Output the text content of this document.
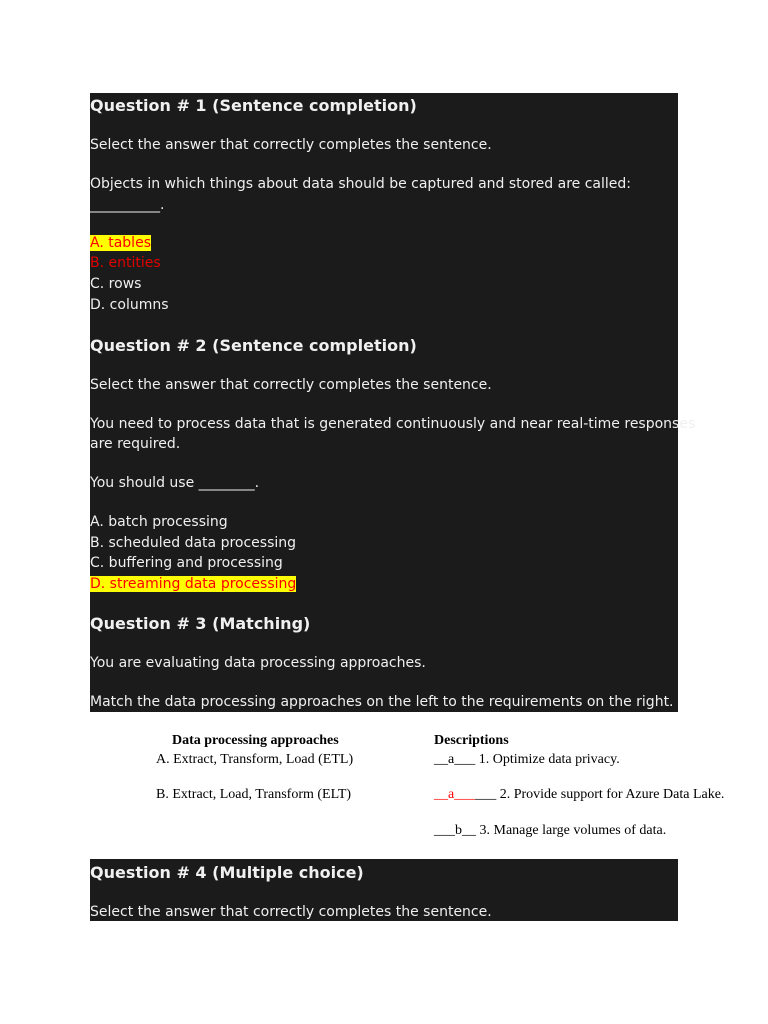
Question # 1 (Sentence completion)
Select the answer that correctly completes the sentence.
Objects in which things about data should be captured and stored are called:
__________.
A. tables
B. entities
C. rows
D. columns
Question # 2 (Sentence completion)
Select the answer that correctly completes the sentence.
You need to process data that is generated continuously and near real-time responses
are required.
You should use ________.
A. batch processing
B. scheduled data processing
C. buffering and processing
D. streaming data processing
Question # 3 (Matching)
You are evaluating data processing approaches.
Match the data processing approaches on the left to the requirements on the right.
Data processing approaches	Descriptions
A. Extract, Transform, Load (ETL)
B. Extract, Load, Transform (ELT)
__a___ 1. Optimize data privacy.
__a______ 2. Provide support for Azure Data Lake.
___b__ 3. Manage large volumes of data.
Question # 4 (Multiple choice)
Select the answer that correctly completes the sentence.
